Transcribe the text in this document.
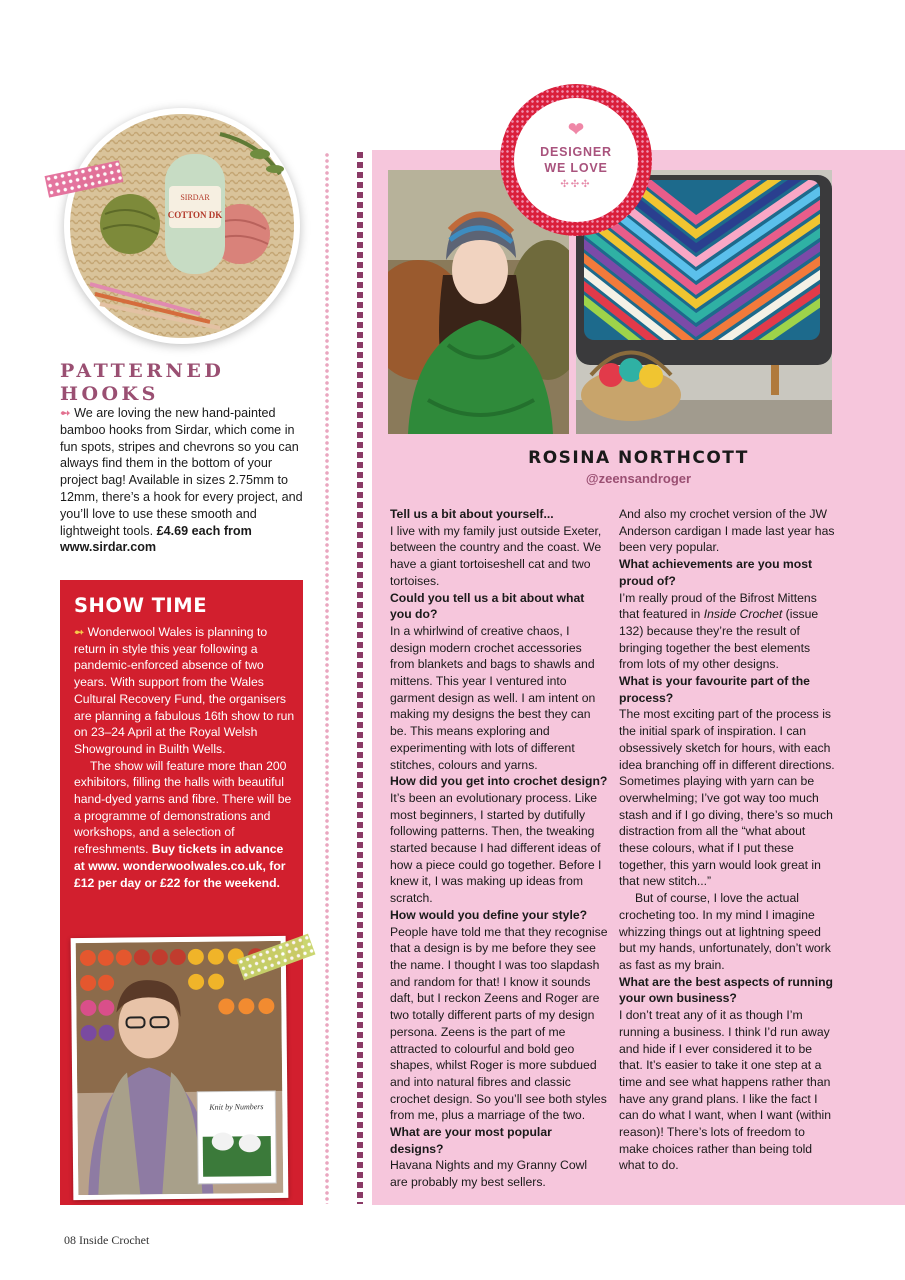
SIRDAR
COTTON DK
PATTERNED HOOKS
➻ We are loving the new hand-painted bamboo hooks from Sirdar, which come in fun spots, stripes and chevrons so you can always find them in the bottom of your project bag! Available in sizes 2.75mm to 12mm, there’s a hook for every project, and you’ll love to use these smooth and lightweight tools. £4.69 each from www.sirdar.com
SHOW TIME
➻ Wonderwool Wales is planning to return in style this year following a pandemic-enforced absence of two years. With support from the Wales Cultural Recovery Fund, the organisers are planning a fabulous 16th show to run on 23–24 April at the Royal Welsh Showground in Builth Wells.
The show will feature more than 200 exhibitors, filling the halls with beautiful hand-dyed yarns and fibre. There will be a programme of demonstrations and workshops, and a selection of refreshments. Buy tickets in advance at www. wonderwoolwales.co.uk, for £12 per day or £22 for the weekend.
Knit by Numbers
❤
DESIGNER
WE LOVE
✣✣✣
ROSINA NORTHCOTT
@zeensandroger

Tell us a bit about yourself...

I live with my family just outside Exeter, between the country and the coast. We have a giant tortoiseshell cat and two tortoises.

Could you tell us a bit about what you do?

In a whirlwind of creative chaos, I design modern crochet accessories from blankets and bags to shawls and mittens. This year I ventured into garment design as well. I am intent on making my designs the best they can be. This means exploring and experimenting with lots of different stitches, colours and yarns.

How did you get into crochet design?

It’s been an evolutionary process. Like most beginners, I started by dutifully following patterns. Then, the tweaking started because I had different ideas of how a piece could go together. Before I knew it, I was making up ideas from scratch.

How would you define your style?

People have told me that they recognise that a design is by me before they see the name. I thought I was too slapdash and random for that! I know it sounds daft, but I reckon Zeens and Roger are two totally different parts of my design persona. Zeens is the part of me attracted to colourful and bold geo shapes, whilst Roger is more subdued and into natural fibres and classic crochet design. So you’ll see both styles from me, plus a marriage of the two.

What are your most popular designs?

Havana Nights and my Granny Cowl are probably my best sellers.

And also my crochet version of the JW Anderson cardigan I made last year has been very popular.

What achievements are you most proud of?

I’m really proud of the Bifrost Mittens that featured in Inside Crochet (issue 132) because they’re the result of bringing together the best elements from lots of my other designs.

What is your favourite part of the process?

The most exciting part of the process is the initial spark of inspiration. I can obsessively sketch for hours, with each idea branching off in different directions. Sometimes playing with yarn can be overwhelming; I’ve got way too much stash and if I go diving, there’s so much distraction from all the “what about these colours, what if I put these together, this yarn would look great in that new stitch...”

But of course, I love the actual crocheting too. In my mind I imagine whizzing things out at lightning speed but my hands, unfortunately, don’t work as fast as my brain.

What are the best aspects of running your own business?

I don’t treat any of it as though I’m running a business. I think I’d run away and hide if I ever considered it to be that. It’s easier to take it one step at a time and see what happens rather than have any grand plans. I like the fact I can do what I want, when I want (within reason)! There’s lots of freedom to make choices rather than being told what to do.

08 Inside Crochet
